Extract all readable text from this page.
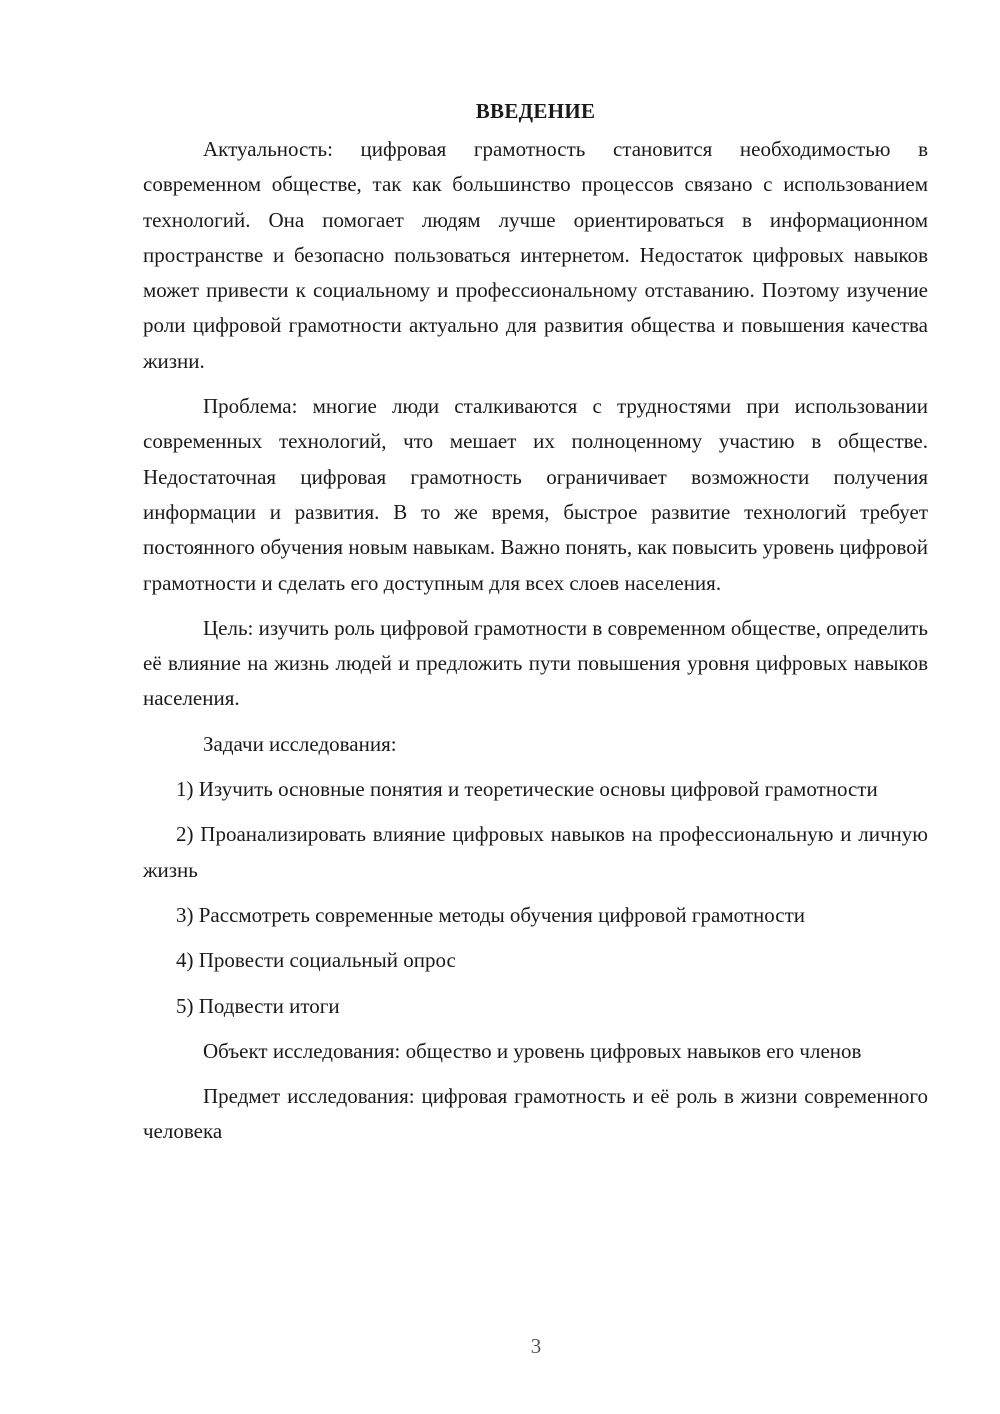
ВВЕДЕНИЕ

Актуальность: цифровая грамотность становится необходимостью в современном обществе, так как большинство процессов связано с использованием технологий. Она помогает людям лучше ориентироваться в информационном пространстве и безопасно пользоваться интернетом. Недостаток цифровых навыков может привести к социальному и профессиональному отставанию. Поэтому изучение роли цифровой грамотности актуально для развития общества и повышения качества жизни.

Проблема: многие люди сталкиваются с трудностями при использовании современных технологий, что мешает их полноценному участию в обществе. Недостаточная цифровая грамотность ограничивает возможности получения информации и развития. В то же время, быстрое развитие технологий требует постоянного обучения новым навыкам. Важно понять, как повысить уровень цифровой грамотности и сделать его доступным для всех слоев населения.

Цель: изучить роль цифровой грамотности в современном обществе, определить её влияние на жизнь людей и предложить пути повышения уровня цифровых навыков населения.

Задачи исследования:

1) Изучить основные понятия и теоретические основы цифровой грамотности

2) Проанализировать влияние цифровых навыков на профессиональную и личную жизнь

3) Рассмотреть современные методы обучения цифровой грамотности

4) Провести социальный опрос

5) Подвести итоги

Объект исследования: общество и уровень цифровых навыков его членов

Предмет исследования: цифровая грамотность и её роль в жизни современного человека

3
